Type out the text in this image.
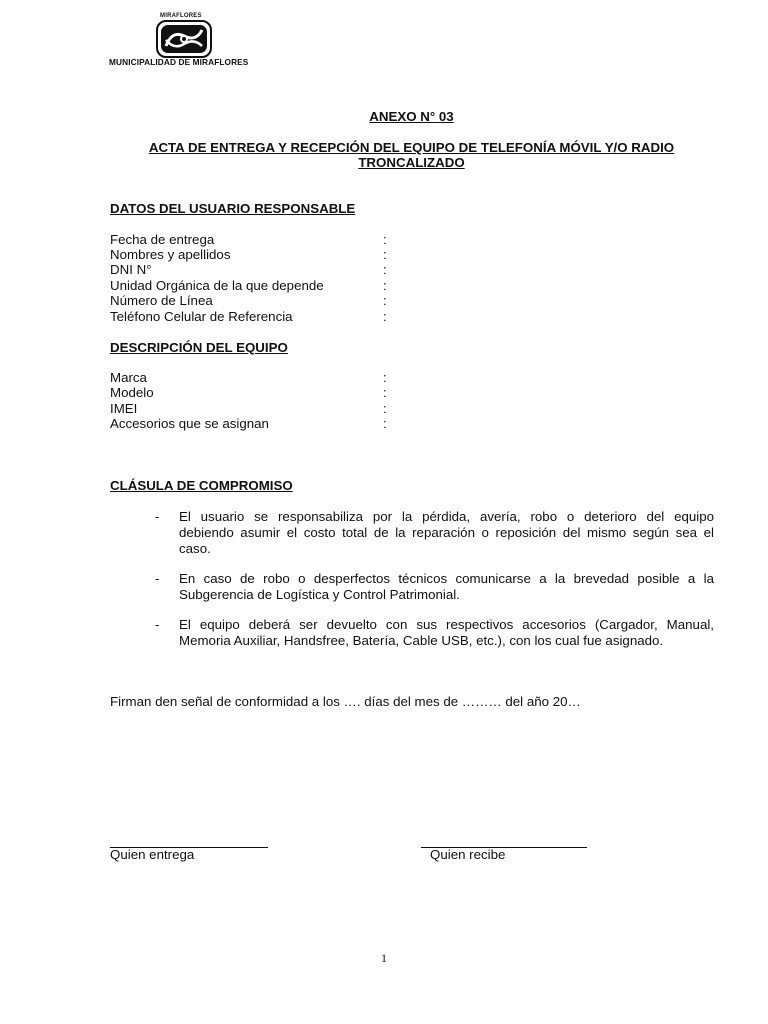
MIRAFLORES
MUNICIPALIDAD DE MIRAFLORES
ANEXO N° 03
ACTA DE ENTREGA Y RECEPCIÓN DEL EQUIPO DE TELEFONÍA MÓVIL Y/O RADIO
TRONCALIZADO
DATOS DEL USUARIO RESPONSABLE
Fecha de entrega	:
Nombres y apellidos	:
DNI N°	:
Unidad Orgánica de la que depende	:
Número de Línea	:
Teléfono Celular de Referencia	:
DESCRIPCIÓN DEL EQUIPO
Marca	:
Modelo	:
IMEI	:
Accesorios que se asignan	:
CLÁSULA DE COMPROMISO
- El usuario se responsabiliza por la pérdida, avería, robo o deterioro del equipo
debiendo asumir el costo total de la reparación o reposición del mismo según sea el
caso.
- En caso de robo o desperfectos técnicos comunicarse a la brevedad posible a la
Subgerencia de Logística y Control Patrimonial.
- El equipo deberá ser devuelto con sus respectivos accesorios (Cargador, Manual,
Memoria Auxiliar, Handsfree, Batería, Cable USB, etc.), con los cual fue asignado.
Firman den señal de conformidad a los …. días del mes de ……… del año 20…
Quien entrega	Quien recibe
1
